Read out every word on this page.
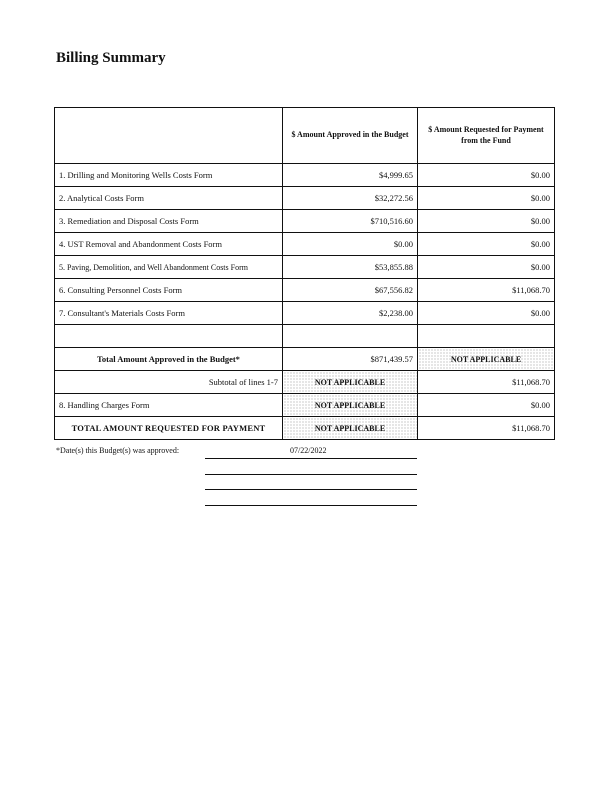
Billing Summary
	$ Amount Approved in the Budget	$ Amount Requested for Payment from the Fund
1. Drilling and Monitoring Wells Costs Form	$4,999.65	$0.00
2. Analytical Costs Form	$32,272.56	$0.00
3. Remediation and Disposal Costs Form	$710,516.60	$0.00
4. UST Removal and Abandonment Costs Form	$0.00	$0.00
5. Paving, Demolition, and Well Abandonment Costs Form	$53,855.88	$0.00
6. Consulting Personnel Costs Form	$67,556.82	$11,068.70
7. Consultant's Materials Costs Form	$2,238.00	$0.00

Total Amount Approved in the Budget*	$871,439.57	NOT APPLICABLE
Subtotal of lines 1-7	NOT APPLICABLE	$11,068.70
8. Handling Charges Form	NOT APPLICABLE	$0.00
TOTAL AMOUNT REQUESTED FOR PAYMENT	NOT APPLICABLE	$11,068.70
*Date(s) this Budget(s) was approved:	07/22/2022
